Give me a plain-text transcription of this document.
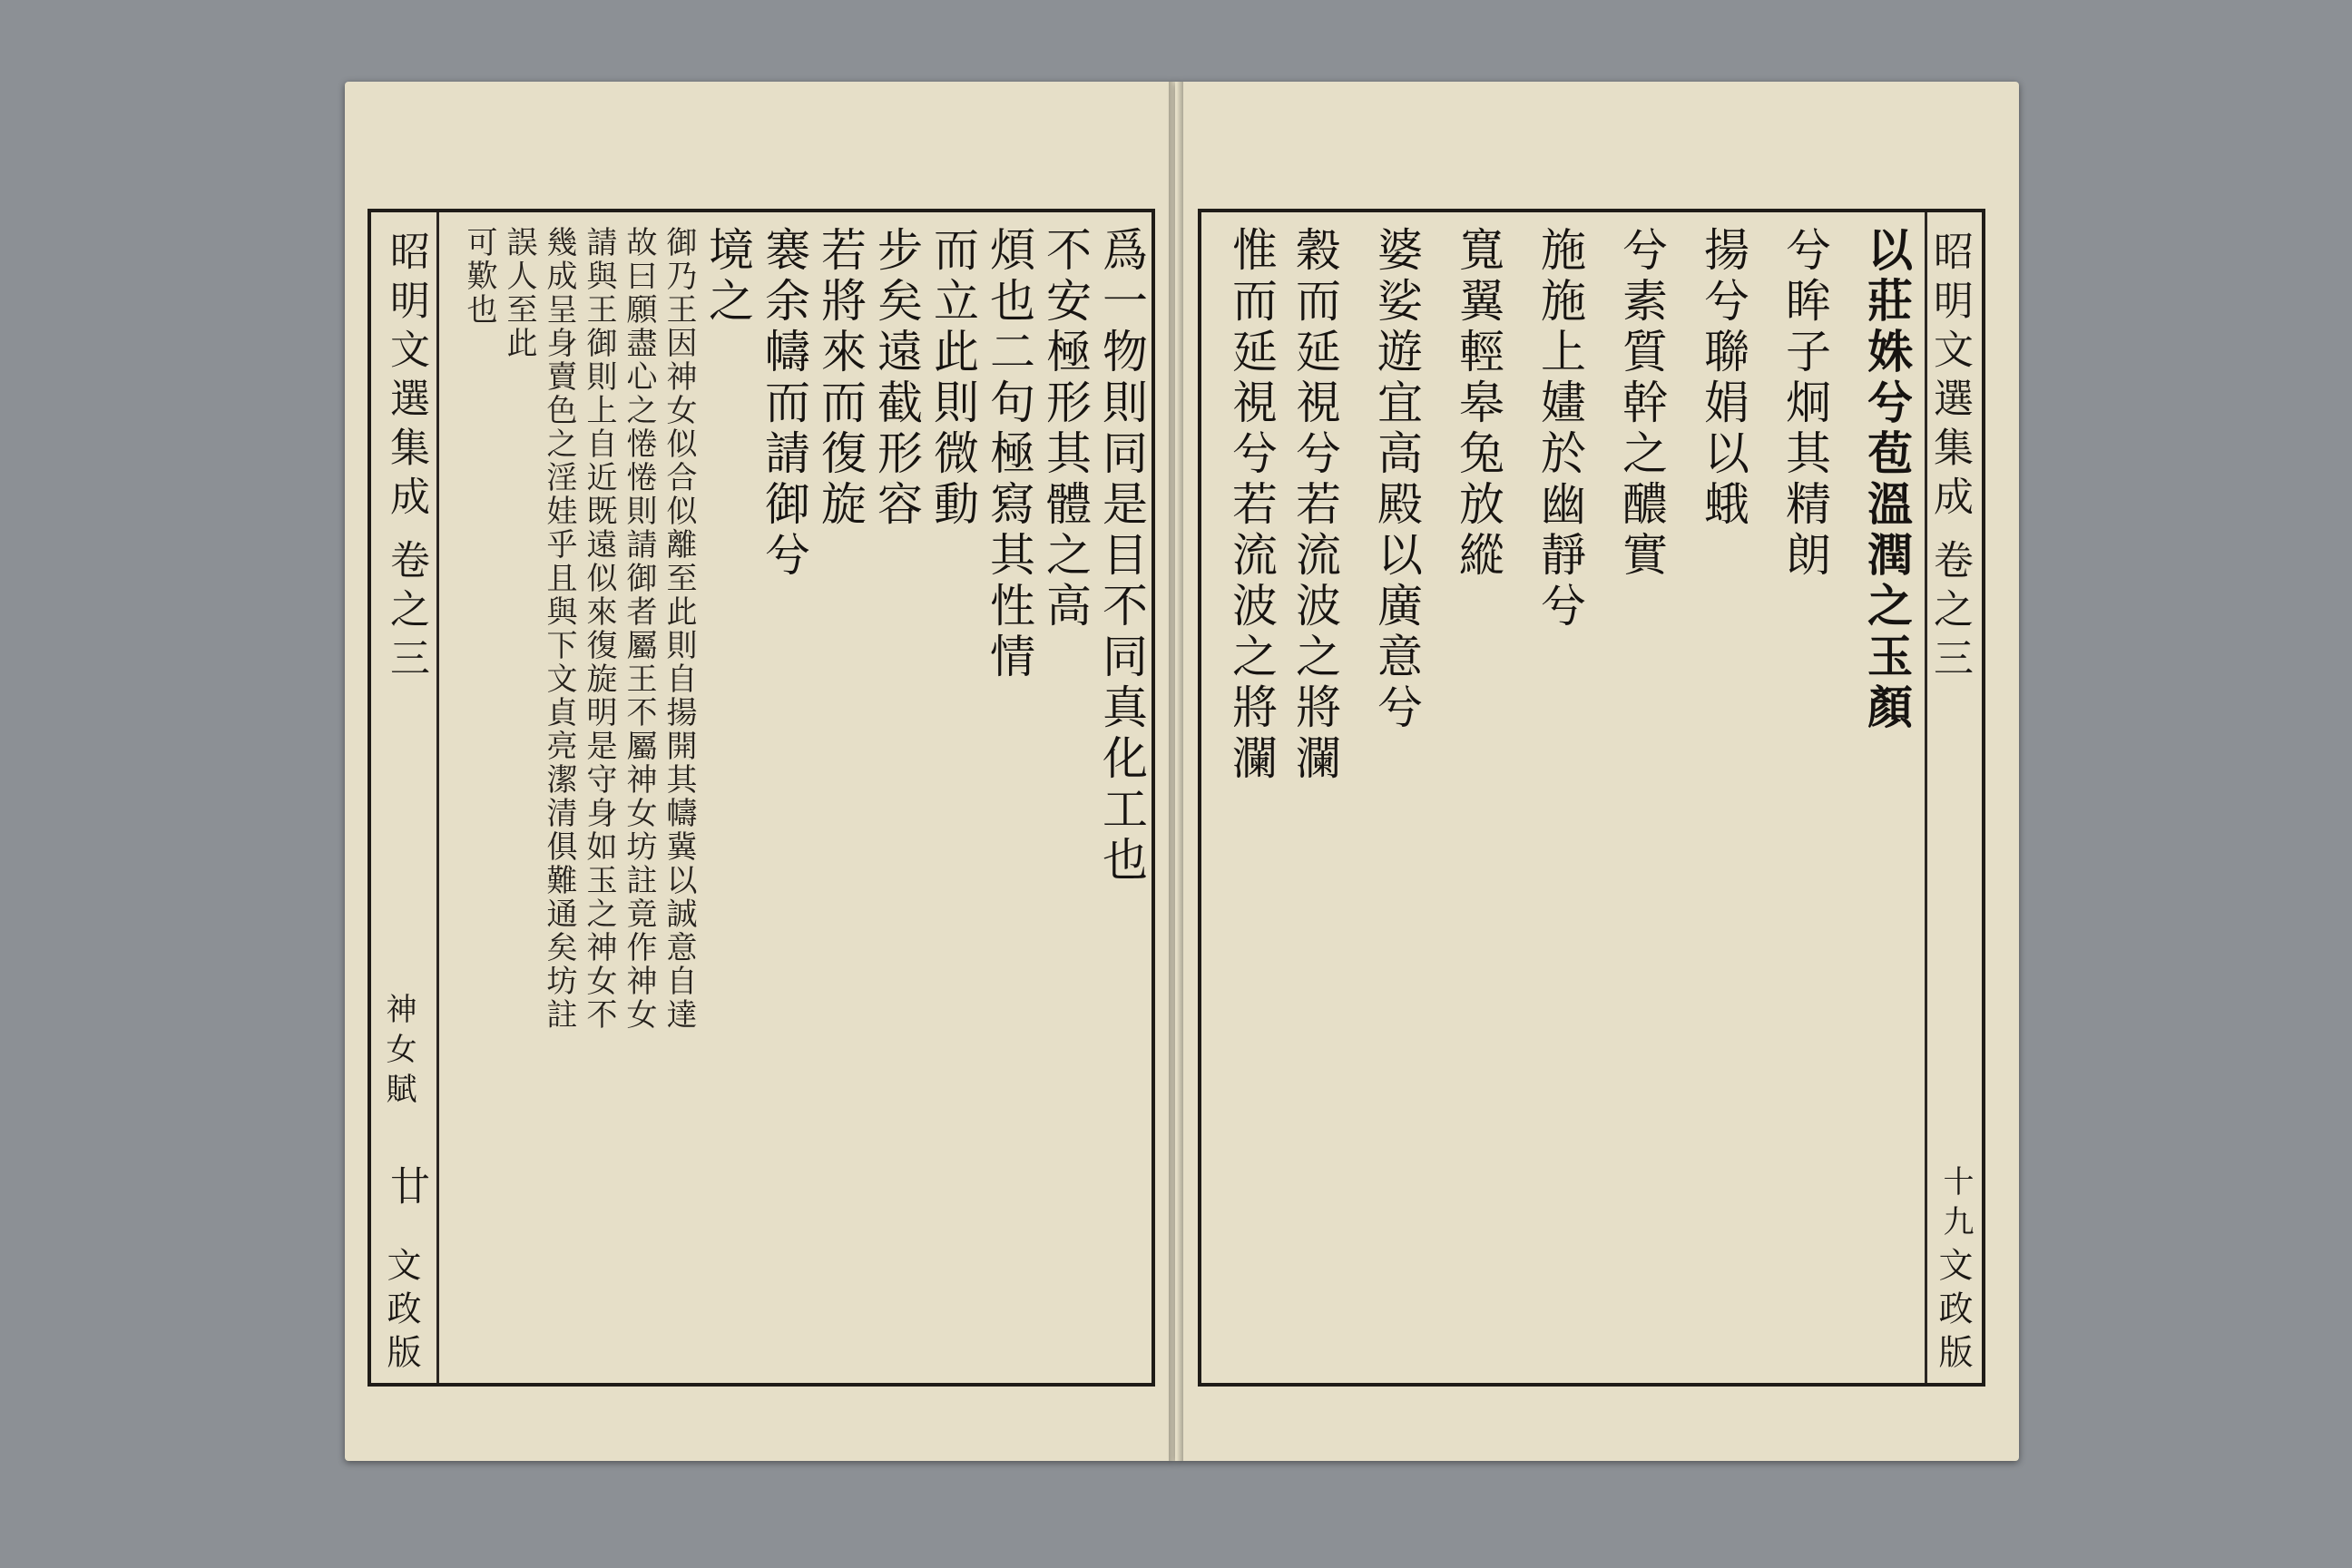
昭明文選集成
卷之三
神女賦
廿
文政版
爲一物則同是目不同真化工也
不安極形其體之高
煩也二句極寫其性情
而立此則微動
步矣遠截形容
若將來而復旋
褰余幬而請御兮
境之
御乃王因神女似合似離至此則自揚開其幬冀以誠意自達
故曰願盡心之惓惓則請御者屬王不屬神女坊註竟作神女
請與王御則上自近既遠似來復旋明是守身如玉之神女不
幾成呈身賣色之淫娃乎且與下文貞亮潔清俱難通矣坊註
誤人至此
可歎也	以莊姝兮苞溫潤之玉顏
兮眸子炯其精朗
揚兮聯娟以蛾
兮素質幹之醲實
施施上嫿於幽靜兮
寬翼輕皋兔放縱
婆娑遊宜高殿以廣意兮
穀而延視兮若流波之將瀾
惟而延視兮若流波之將瀾	昭明文選集成
卷之三
十九
文政版
